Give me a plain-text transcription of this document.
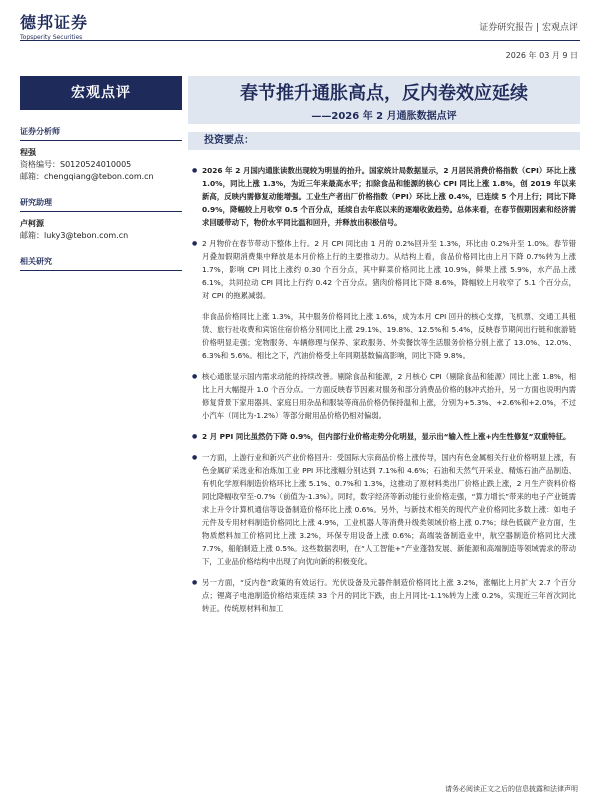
德邦证券
Topsperity Securities
证券研究报告 | 宏观点评
2026 年 03 月 9 日
宏观点评	春节推升通胀高点，反内卷效应延续
——2026 年 2 月通胀数据点评
证券分析师
程强
资格编号：S0120524010005
邮箱：chengqiang@tebon.com.cn
研究助理
卢柯源
邮箱：luky3@tebon.com.cn
相关研究
投资要点：
● 2026 年 2 月国内通胀读数出现较为明显的抬升。国家统计局数据显示，2 月居民消费价格指数（CPI）环比上涨 1.0%，同比上涨 1.3%，为近三年来最高水平；扣除食品和能源的核心 CPI 同比上涨 1.8%，创 2019 年以来新高，反映内需修复动能增强。工业生产者出厂价格指数（PPI）环比上涨 0.4%，已连续 5 个月上行；同比下降 0.9%，降幅较上月收窄 0.5 个百分点，延续自去年底以来的逐端收敛趋势。总体来看，在春节假期因素和经济需求回暖带动下，物价水平同比温和回升，并释放出积极信号。
● 2 月物价在春节带动下整体上行。2 月 CPI 同比由 1 月的 0.2%回升至 1.3%，环比由 0.2%升至 1.0%。春节错月叠加假期消费集中释放是本月价格上行的主要推动力。从结构上看，食品价格同比由上月下降 0.7%转为上涨 1.7%，影响 CPI 同比上涨约 0.30 个百分点，其中鲜菜价格同比上涨 10.9%，鲜果上涨 5.9%，水产品上涨 6.1%，共同拉动 CPI 同比上行约 0.42 个百分点。猪肉价格同比下降 8.6%，降幅较上月收窄了 5.1 个百分点，对 CPI 的拖累减弱。
非食品价格同比上涨 1.3%，其中服务价格同比上涨 1.6%，成为本月 CPI 回升的核心支撑，飞机票、交通工具租赁、旅行社收费和宾馆住宿价格分别同比上涨 29.1%、19.8%、12.5%和 5.4%，反映春节期间出行链和旅游链价格明显走强；宠物服务、车辆修理与保养、家政服务、外卖餐饮等生活服务价格分别上涨了 13.0%、12.0%、6.3%和 5.6%。相比之下，汽油价格受上年同期基数偏高影响，同比下降 9.8%。
● 核心通胀显示国内需求动能的持续改善。剔除食品和能源，2 月核心 CPI（剔除食品和能源）同比上涨 1.8%，相比上月大幅提升 1.0 个百分点。一方面反映春节因素对服务和部分消费品价格的脉冲式抬升，另一方面也说明内需修复背景下家用器具、家庭日用杂品和服装等商品价格仍保持温和上涨，分别为+5.3%、+2.6%和+2.0%，不过小汽车（同比为-1.2%）等部分耐用品价格仍相对偏弱。
● 2 月 PPI 同比虽然仍下降 0.9%，但内部行业价格走势分化明显，显示出“输入性上涨+内生性修复”双重特征。
● 一方面，上游行业和新兴产业价格回升：受国际大宗商品价格上涨传导，国内有色金属相关行业价格明显上涨，有色金属矿采选业和冶炼加工业 PPI 环比涨幅分别达到 7.1%和 4.6%；石油和天然气开采业、精炼石油产品制造、有机化学原料制造价格环比上涨 5.1%、0.7%和 1.3%，这推动了原材料类出厂价格止跌上涨，2 月生产资料价格同比降幅收窄至-0.7%（前值为-1.3%）。同时，数字经济等新动能行业价格走强，“算力增长”带来的电子产业链需求上升令计算机通信等设备制造价格环比上涨 0.6%。另外，与新技术相关的现代产业价格同比多数上涨：如电子元件及专用材料制造价格同比上涨 4.9%，工业机器人等消费升级类领域价格上涨 0.7%；绿色低碳产业方面，生物质燃料加工价格同比上涨 3.2%，环保专用设备上涨 0.6%；高端装备制造业中，航空器制造价格同比大涨 7.7%，船舶制造上涨 0.5%。这些数据表明，在“人工智能+”产业蓬勃发展、新能源和高端制造等领域需求的带动下，工业品价格结构中出现了向优向新的积极变化。
● 另一方面，“反内卷”政策的有效运行。光伏设备及元器件制造价格同比上涨 3.2%，涨幅比上月扩大 2.7 个百分点；锂离子电池制造价格结束连续 33 个月的同比下跌，由上月同比-1.1%转为上涨 0.2%，实现近三年首次同比转正。传统原材料和加工
请务必阅读正文之后的信息披露和法律声明
